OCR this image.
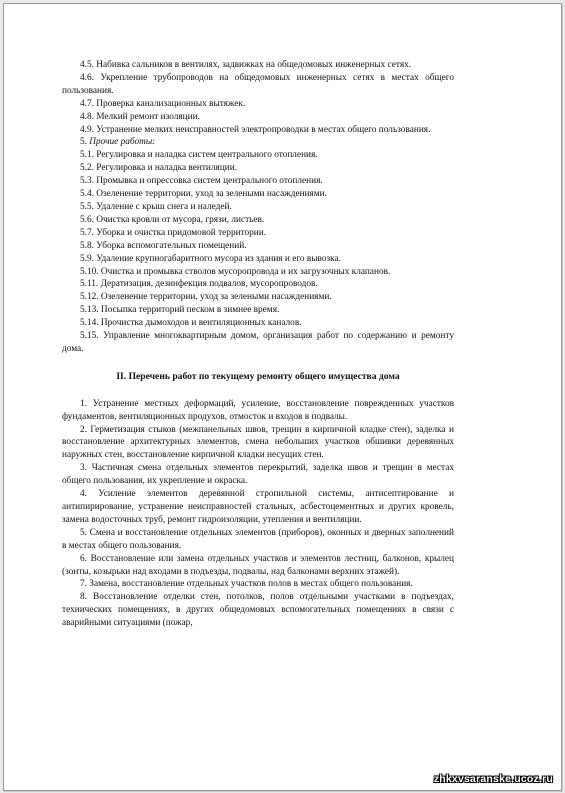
4.5. Набивка сальников в вентилях, задвижках на общедомовых инженерных сетях.

4.6. Укрепление трубопроводов на общедомовых инженерных сетях в местах общего пользования.

4.7. Проверка канализационных вытяжек.

4.8. Мелкий ремонт изоляции.

4.9. Устранение мелких неисправностей электропроводки в местах общего пользования.

5. Прочие работы:

5.1. Регулировка и наладка систем центрального отопления.

5.2. Регулировка и наладка вентиляции.

5.3. Промывка и опрессовка систем центрального отопления.

5.4. Озеленение территории, уход за зелеными насаждениями.

5.5. Удаление с крыш снега и наледей.

5.6. Очистка кровли от мусора, грязи, листьев.

5.7. Уборка и очистка придомовой территории.

5.8. Уборка вспомогательных помещений.

5.9. Удаление крупногабаритного мусора из здания и его вывозка.

5.10. Очистка и промывка стволов мусоропровода и их загрузочных клапанов.

5.11. Дератизация, дезинфекция подвалов, мусоропроводов.

5.12. Озеленение территории, уход за зелеными насаждениями.

5.13. Посыпка территорий песком в зимнее время.

5.14. Прочистка дымоходов и вентиляционных каналов.

5.15. Управление многоквартирным домом, организация работ по содержанию и ремонту дома.

II. Перечень работ по текущему ремонту общего имущества дома

1. Устранение местных деформаций, усиление, восстановление поврежденных участков фундаментов, вентиляционных продухов, отмосток и входов в подвалы.

2. Герметизация стыков (межпанельных швов, трещин в кирпичной кладке стен), заделка и восстановление архитектурных элементов, смена небольших участков обшивки деревянных наружных стен, восстановление кирпичной кладки несущих стен.

3. Частичная смена отдельных элементов перекрытий, заделка швов и трещин в местах общего пользования, их укрепление и окраска.

4. Усиление элементов деревянной стропильной системы, антисептирование и антипирирование, устранение неисправностей стальных, асбестоцементных и других кровель, замена водосточных труб, ремонт гидроизоляции, утепления и вентиляции.

5. Смена и восстановление отдельных элементов (приборов), оконных и дверных заполнений в местах общего пользования.

6. Восстановление или замена отдельных участков и элементов лестниц, балконов, крылец (зонты, козырьки над входами в подъезды, подвалы, над балконами верхних этажей).

7. Замена, восстановление отдельных участков полов в местах общего пользования.

8. Восстановление отделки стен, потолков, полов отдельными участками в подъездах, технических помещениях, в других общедомовых вспомогательных помещениях в связи с аварийными ситуациями (пожар,

zhkxvsaranske.ucoz.ru
